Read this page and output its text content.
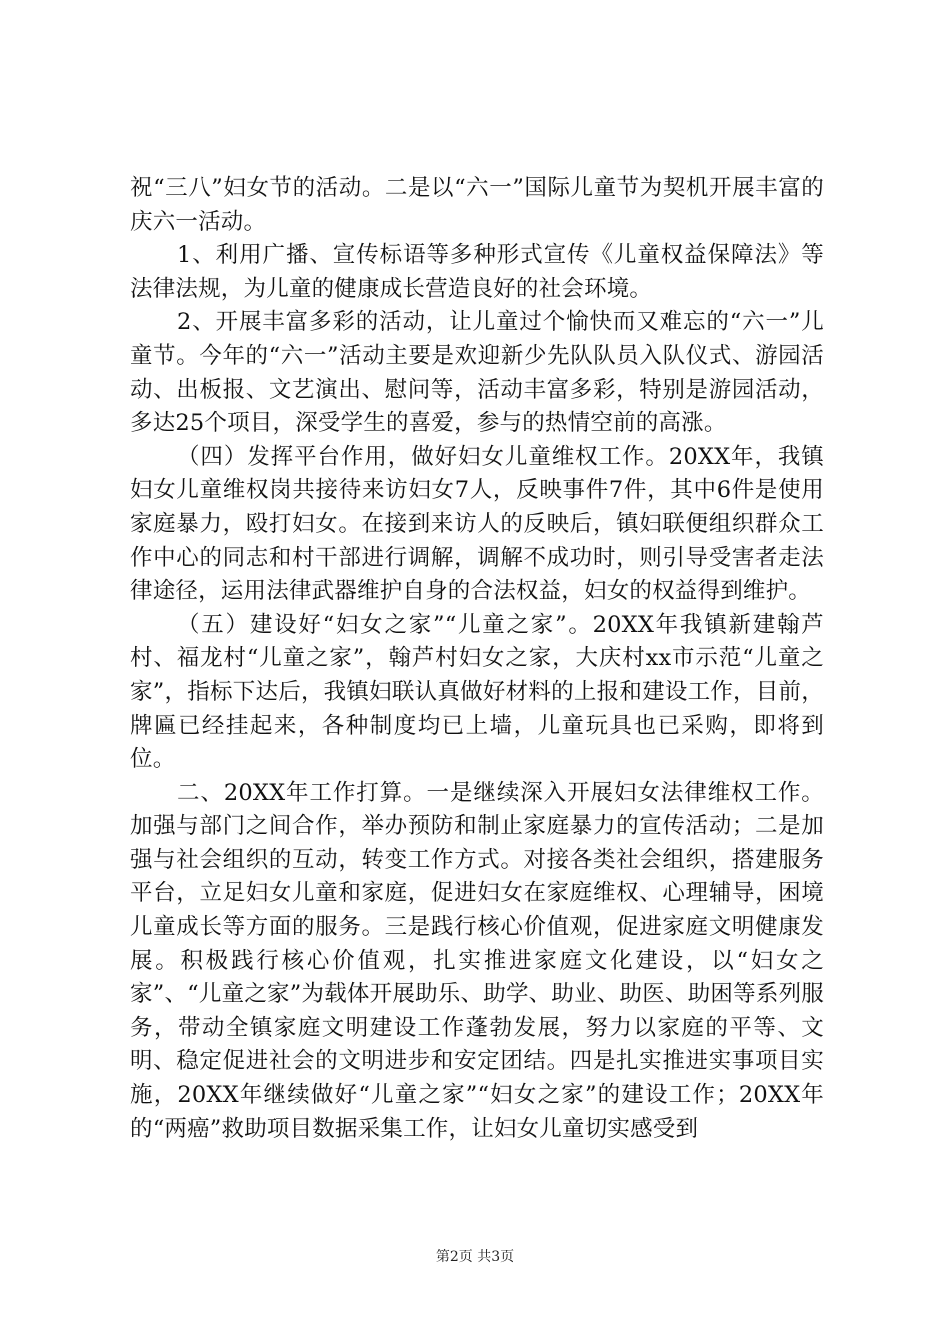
祝“三八”妇女节的活动。二是以“六一”国际儿童节为契机开展丰富的庆六一活动。

1、利用广播、宣传标语等多种形式宣传《儿童权益保障法》等法律法规，为儿童的健康成长营造良好的社会环境。

2、开展丰富多彩的活动，让儿童过个愉快而又难忘的“六一”儿童节。今年的“六一”活动主要是欢迎新少先队队员入队仪式、游园活动、出板报、文艺演出、慰问等，活动丰富多彩，特别是游园活动，多达25个项目，深受学生的喜爱，参与的热情空前的高涨。

（四）发挥平台作用，做好妇女儿童维权工作。20XX年，我镇妇女儿童维权岗共接待来访妇女7人，反映事件7件，其中6件是使用家庭暴力，殴打妇女。在接到来访人的反映后，镇妇联便组织群众工作中心的同志和村干部进行调解，调解不成功时，则引导受害者走法律途径，运用法律武器维护自身的合法权益，妇女的权益得到维护。

（五）建设好“妇女之家”“儿童之家”。20XX年我镇新建翰芦村、福龙村“儿童之家”，翰芦村妇女之家，大庆村xx市示范“儿童之家”，指标下达后，我镇妇联认真做好材料的上报和建设工作，目前，牌匾已经挂起来，各种制度均已上墙，儿童玩具也已采购，即将到位。

二、20XX年工作打算。一是继续深入开展妇女法律维权工作。加强与部门之间合作，举办预防和制止家庭暴力的宣传活动；二是加强与社会组织的互动，转变工作方式。对接各类社会组织，搭建服务平台，立足妇女儿童和家庭，促进妇女在家庭维权、心理辅导，困境儿童成长等方面的服务。三是践行核心价值观，促进家庭文明健康发展。积极践行核心价值观，扎实推进家庭文化建设，以“妇女之家”、“儿童之家”为载体开展助乐、助学、助业、助医、助困等系列服务，带动全镇家庭文明建设工作蓬勃发展，努力以家庭的平等、文明、稳定促进社会的文明进步和安定团结。四是扎实推进实事项目实施，20XX年继续做好“儿童之家”“妇女之家”的建设工作；20XX年的“两癌”救助项目数据采集工作，让妇女儿童切实感受到

第2页 共3页
